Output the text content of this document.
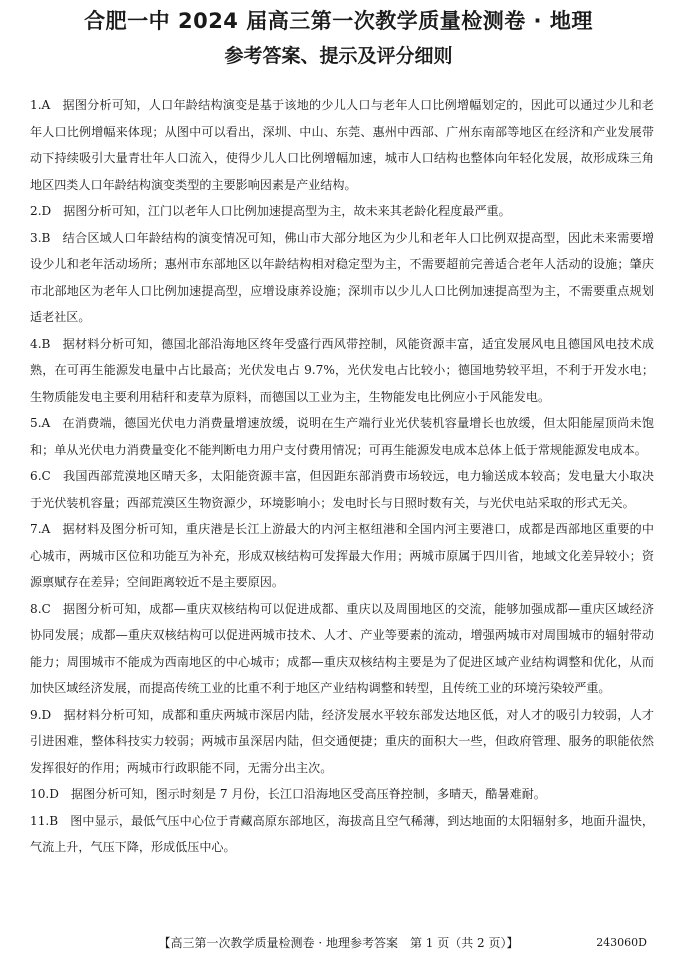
合肥一中 2024 届高三第一次教学质量检测卷 · 地理
参考答案、提示及评分细则

1.A 据图分析可知，人口年龄结构演变是基于该地的少儿人口与老年人口比例增幅划定的，因此可以通过少儿和老年人口比例增幅来体现；从图中可以看出，深圳、中山、东莞、惠州中西部、广州东南部等地区在经济和产业发展带动下持续吸引大量青壮年人口流入，使得少儿人口比例增幅加速，城市人口结构也整体向年轻化发展，故形成珠三角地区四类人口年龄结构演变类型的主要影响因素是产业结构。

2.D 据图分析可知，江门以老年人口比例加速提高型为主，故未来其老龄化程度最严重。

3.B 结合区域人口年龄结构的演变情况可知，佛山市大部分地区为少儿和老年人口比例双提高型，因此未来需要增设少儿和老年活动场所；惠州市东部地区以年龄结构相对稳定型为主，不需要超前完善适合老年人活动的设施；肇庆市北部地区为老年人口比例加速提高型，应增设康养设施；深圳市以少儿人口比例加速提高型为主，不需要重点规划适老社区。

4.B 据材料分析可知，德国北部沿海地区终年受盛行西风带控制，风能资源丰富，适宜发展风电且德国风电技术成熟，在可再生能源发电量中占比最高；光伏发电占 9.7%，光伏发电占比较小；德国地势较平坦，不利于开发水电；生物质能发电主要利用秸秆和麦草为原料，而德国以工业为主，生物能发电比例应小于风能发电。

5.A 在消费端，德国光伏电力消费量增速放缓，说明在生产端行业光伏装机容量增长也放缓，但太阳能屋顶尚未饱和；单从光伏电力消费量变化不能判断电力用户支付费用情况；可再生能源发电成本总体上低于常规能源发电成本。

6.C 我国西部荒漠地区晴天多，太阳能资源丰富，但因距东部消费市场较远，电力输送成本较高；发电量大小取决于光伏装机容量；西部荒漠区生物资源少，环境影响小；发电时长与日照时数有关，与光伏电站采取的形式无关。

7.A 据材料及图分析可知，重庆港是长江上游最大的内河主枢纽港和全国内河主要港口，成都是西部地区重要的中心城市，两城市区位和功能互为补充，形成双核结构可发挥最大作用；两城市原属于四川省，地域文化差异较小；资源禀赋存在差异；空间距离较近不是主要原因。

8.C 据图分析可知，成都—重庆双核结构可以促进成都、重庆以及周围地区的交流，能够加强成都—重庆区域经济协同发展；成都—重庆双核结构可以促进两城市技术、人才、产业等要素的流动，增强两城市对周围城市的辐射带动能力；周围城市不能成为西南地区的中心城市；成都—重庆双核结构主要是为了促进区域产业结构调整和优化，从而加快区域经济发展，而提高传统工业的比重不利于地区产业结构调整和转型，且传统工业的环境污染较严重。

9.D 据材料分析可知，成都和重庆两城市深居内陆，经济发展水平较东部发达地区低，对人才的吸引力较弱，人才引进困难，整体科技实力较弱；两城市虽深居内陆，但交通便捷；重庆的面积大一些，但政府管理、服务的职能依然发挥很好的作用；两城市行政职能不同，无需分出主次。

10.D 据图分析可知，图示时刻是 7 月份，长江口沿海地区受高压脊控制，多晴天，酷暑难耐。

11.B 图中显示，最低气压中心位于青藏高原东部地区，海拔高且空气稀薄，到达地面的太阳辐射多，地面升温快，气流上升，气压下降，形成低压中心。

【高三第一次教学质量检测卷 · 地理参考答案　第 1 页（共 2 页）】	243060D
